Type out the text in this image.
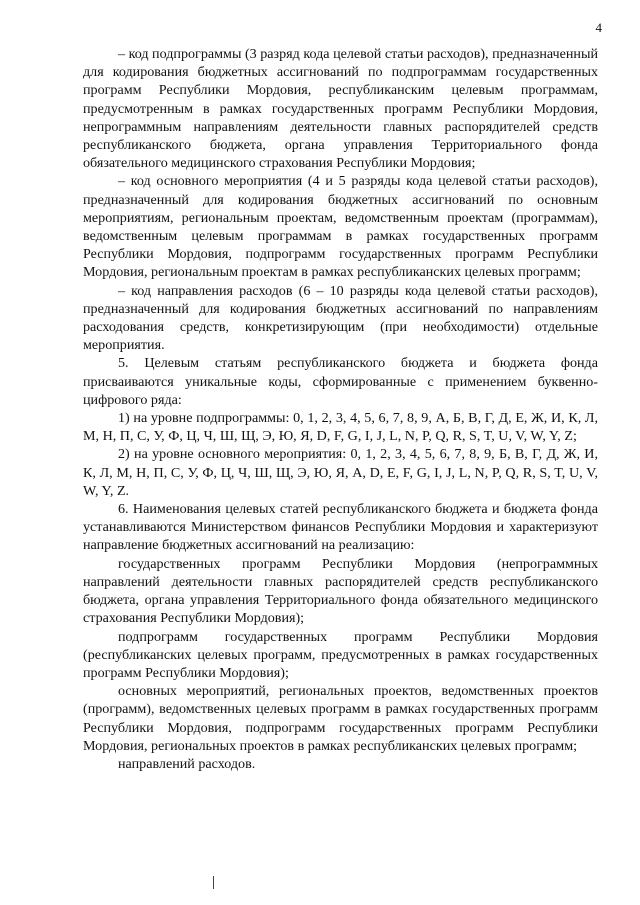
4

– код подпрограммы (3 разряд кода целевой статьи расходов), предназначенный для кодирования бюджетных ассигнований по подпрограммам государственных программ Республики Мордовия, республиканским целевым программам, предусмотренным в рамках государственных программ Республики Мордовия, непрограммным направлениям деятельности главных распорядителей средств республиканского бюджета, органа управления Территориального фонда обязательного медицинского страхования Республики Мордовия;

– код основного мероприятия (4 и 5 разряды кода целевой статьи расходов), предназначенный для кодирования бюджетных ассигнований по основным мероприятиям, региональным проектам, ведомственным проектам (программам), ведомственным целевым программам в рамках государственных программ Республики Мордовия, подпрограмм государственных программ Республики Мордовия, региональным проектам в рамках республиканских целевых программ;

– код направления расходов (6 – 10 разряды кода целевой статьи расходов), предназначенный для кодирования бюджетных ассигнований по направлениям расходования средств, конкретизирующим (при необходимости) отдельные мероприятия.

5. Целевым статьям республиканского бюджета и бюджета фонда присваиваются уникальные коды, сформированные с применением буквенно-цифрового ряда:

1) на уровне подпрограммы: 0, 1, 2, 3, 4, 5, 6, 7, 8, 9, А, Б, В, Г, Д, Е, Ж, И, К, Л, М, Н, П, С, У, Ф, Ц, Ч, Ш, Щ, Э, Ю, Я, D, F, G, I, J, L, N, P, Q, R, S, T, U, V, W, Y, Z;

2) на уровне основного мероприятия: 0, 1, 2, 3, 4, 5, 6, 7, 8, 9, Б, В, Г, Д, Ж, И, К, Л, М, Н, П, С, У, Ф, Ц, Ч, Ш, Щ, Э, Ю, Я, А, D, E, F, G, I, J, L, N, P, Q, R, S, T, U, V, W, Y, Z.

6. Наименования целевых статей республиканского бюджета и бюджета фонда устанавливаются Министерством финансов Республики Мордовия и характеризуют направление бюджетных ассигнований на реализацию:

государственных программ Республики Мордовия (непрограммных направлений деятельности главных распорядителей средств республиканского бюджета, органа управления Территориального фонда обязательного медицинского страхования Республики Мордовия);

подпрограмм государственных программ Республики Мордовия (республиканских целевых программ, предусмотренных в рамках государственных программ Республики Мордовия);

основных мероприятий, региональных проектов, ведомственных проектов (программ), ведомственных целевых программ в рамках государственных программ Республики Мордовия, подпрограмм государственных программ Республики Мордовия, региональных проектов в рамках республиканских целевых программ;

направлений расходов.
